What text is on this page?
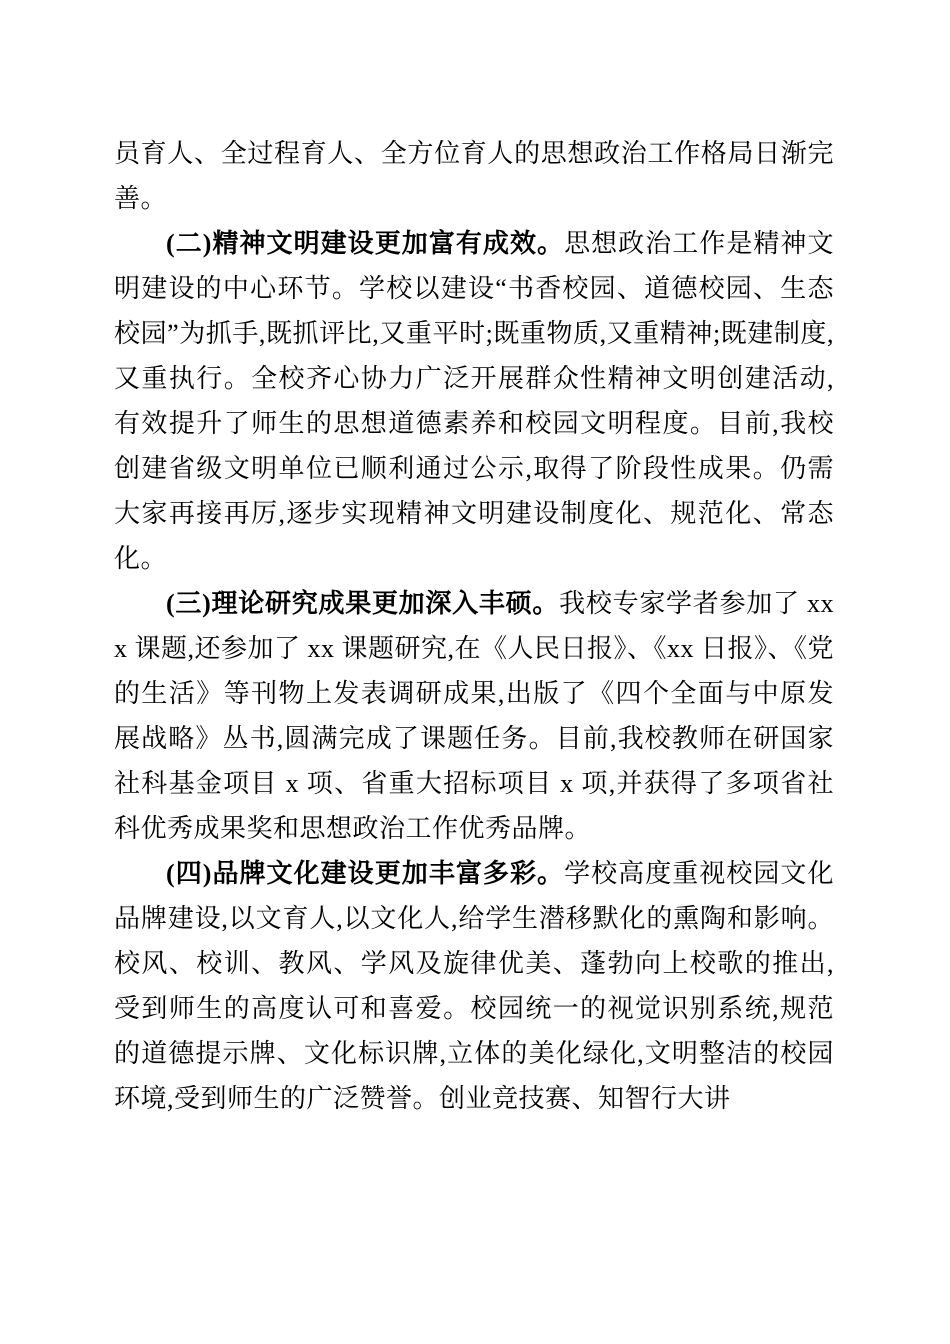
员育人、全过程育人、全方位育人的思想政治工作格局日渐完善。

(二)精神文明建设更加富有成效。思想政治工作是精神文明建设的中心环节。学校以建设“书香校园、道德校园、生态校园”为抓手,既抓评比,又重平时;既重物质,又重精神;既建制度,又重执行。全校齐心协力广泛开展群众性精神文明创建活动,有效提升了师生的思想道德素养和校园文明程度。目前,我校创建省级文明单位已顺利通过公示,取得了阶段性成果。仍需大家再接再厉,逐步实现精神文明建设制度化、规范化、常态化。

(三)理论研究成果更加深入丰硕。我校专家学者参加了 xxx 课题,还参加了 xx 课题研究,在《人民日报》、《xx 日报》、《党的生活》等刊物上发表调研成果,出版了《四个全面与中原发展战略》丛书,圆满完成了课题任务。目前,我校教师在研国家社科基金项目 x 项、省重大招标项目 x 项,并获得了多项省社科优秀成果奖和思想政治工作优秀品牌。

(四)品牌文化建设更加丰富多彩。学校高度重视校园文化品牌建设,以文育人,以文化人,给学生潜移默化的熏陶和影响。校风、校训、教风、学风及旋律优美、蓬勃向上校歌的推出,受到师生的高度认可和喜爱。校园统一的视觉识别系统,规范的道德提示牌、文化标识牌,立体的美化绿化,文明整洁的校园环境,受到师生的广泛赞誉。创业竞技赛、知智行大讲
